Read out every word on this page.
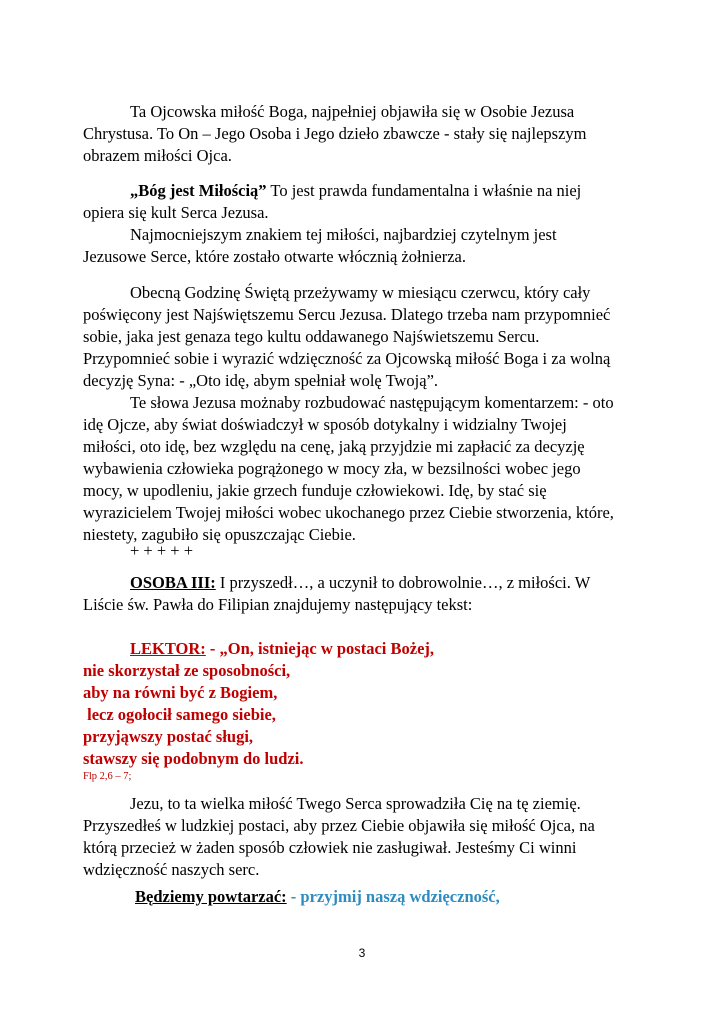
Ta Ojcowska miłość Boga, najpełniej objawiła się w Osobie Jezusa
Chrystusa. To On – Jego Osoba i Jego dzieło zbawcze - stały się najlepszym
obrazem miłości Ojca.
„Bóg jest Miłością” To jest prawda fundamentalna i właśnie na niej
opiera się kult Serca Jezusa.
Najmocniejszym znakiem tej miłości, najbardziej czytelnym jest
Jezusowe Serce, które zostało otwarte włócznią żołnierza.
Obecną Godzinę Świętą przeżywamy w miesiącu czerwcu, który cały
poświęcony jest Najświętszemu Sercu Jezusa. Dlatego trzeba nam przypomnieć
sobie, jaka jest genaza tego kultu oddawanego Najświetszemu Sercu.
Przypomnieć sobie i wyrazić wdzięczność za Ojcowską miłość Boga i za wolną
decyzję Syna: - „Oto idę, abym spełniał wolę Twoją”.
Te słowa Jezusa możnaby rozbudować następującym komentarzem: - oto
idę Ojcze, aby świat doświadczył w sposób dotykalny i widzialny Twojej
miłości, oto idę, bez względu na cenę, jaką przyjdzie mi zapłacić za decyzję
wybawienia człowieka pogrążonego w mocy zła, w bezsilności wobec jego
mocy, w upodleniu, jakie grzech funduje człowiekowi. Idę, by stać się
wyrazicielem Twojej miłości wobec ukochanego przez Ciebie stworzenia, które,
niestety, zagubiło się opuszczając Ciebie.
+ + + + +
OSOBA III: I przyszedł…, a uczynił to dobrowolnie…, z miłości. W
Liście św. Pawła do Filipian znajdujemy następujący tekst:
LEKTOR: - „On, istniejąc w postaci Bożej,
nie skorzystał ze sposobności,
aby na równi być z Bogiem,
lecz ogołocił samego siebie,
przyjąwszy postać sługi,
stawszy się podobnym do ludzi.
Flp 2,6 – 7;
Jezu, to ta wielka miłość Twego Serca sprowadziła Cię na tę ziemię.
Przyszedłeś w ludzkiej postaci, aby przez Ciebie objawiła się miłość Ojca, na
którą przecież w żaden sposób człowiek nie zasługiwał. Jesteśmy Ci winni
wdzięczność naszych serc.
Będziemy powtarzać: - przyjmij naszą wdzięczność,
3
